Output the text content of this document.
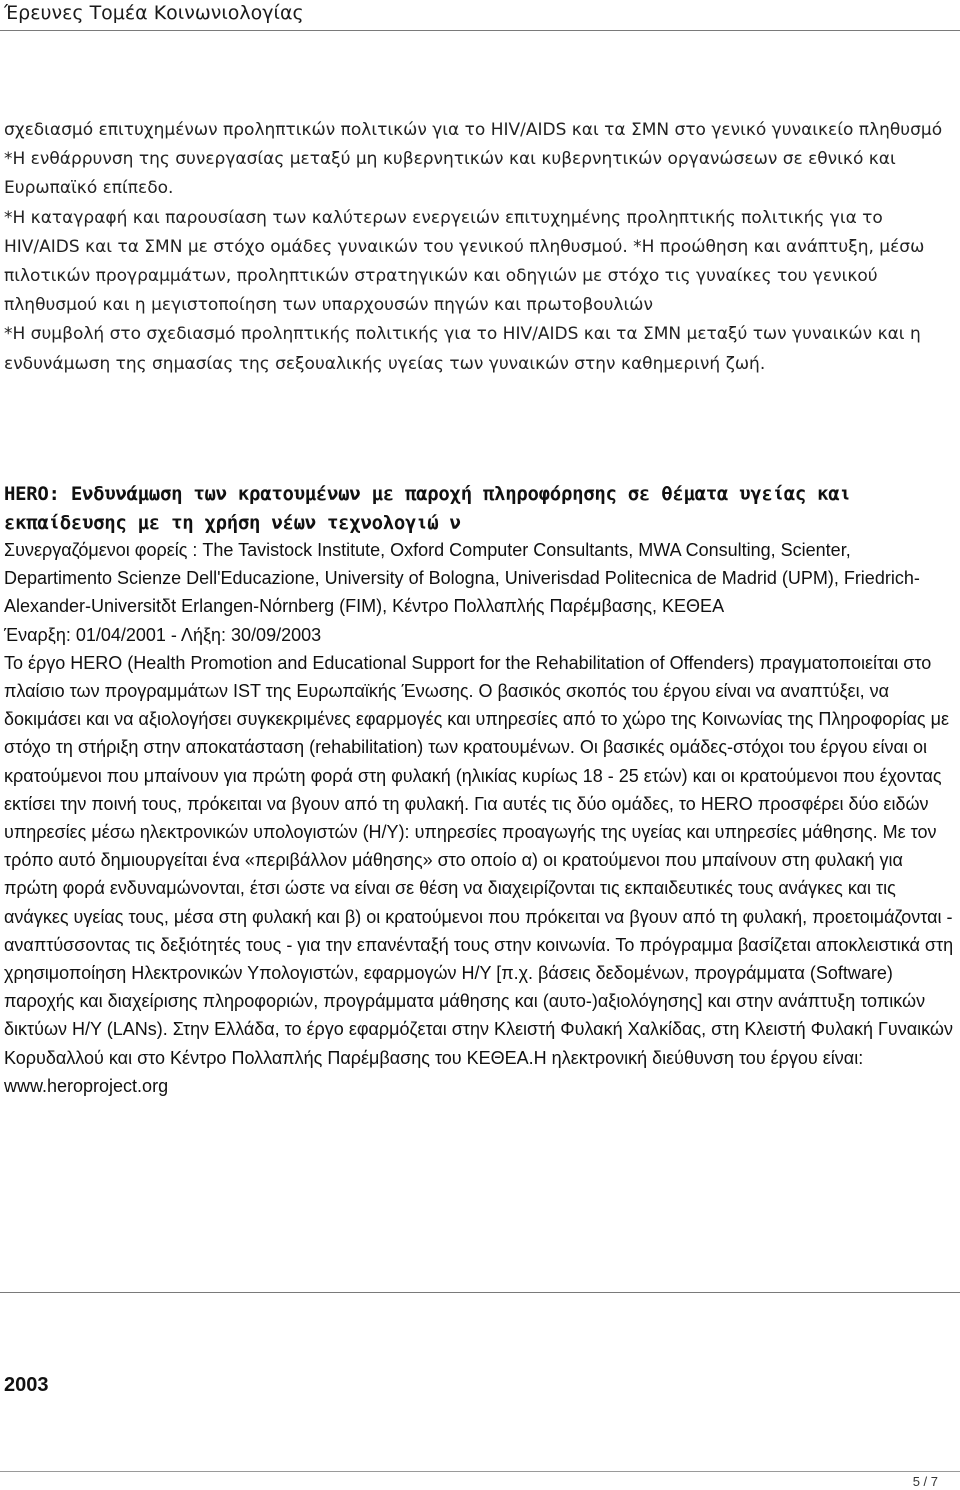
Έρευνες Τομέα Κοινωνιολογίας

σχεδιασμό επιτυχημένων προληπτικών πολιτικών για το HIV/AIDS και τα ΣΜΝ στο γενικό γυναικείο πληθυσμό

*Η ενθάρρυνση της συνεργασίας μεταξύ μη κυβερνητικών και κυβερνητικών οργανώσεων σε εθνικό και Ευρωπαϊκό επίπεδο.

*Η καταγραφή και παρουσίαση των καλύτερων ενεργειών επιτυχημένης προληπτικής πολιτικής για το HIV/AIDS και τα ΣΜΝ με στόχο ομάδες γυναικών του γενικού πληθυσμού. *Η προώθηση και ανάπτυξη, μέσω πιλοτικών προγραμμάτων, προληπτικών στρατηγικών και οδηγιών με στόχο τις γυναίκες του γενικού πληθυσμού και η μεγιστοποίηση των υπαρχουσών πηγών και πρωτοβουλιών

*Η συμβολή στο σχεδιασμό προληπτικής πολιτικής για το HIV/AIDS και τα ΣΜΝ μεταξύ των γυναικών και η ενδυνάμωση της σημασίας της σεξουαλικής υγείας των γυναικών στην καθημερινή ζωή.

HERO: Ενδυνάμωση των κρατουμένων με παροχή πληροφόρησης σε θέματα υγείας και εκπαίδευσης με τη χρήση νέων τεχνολογιώ ν

Συνεργαζόμενοι φορείς : The Tavistock Institute, Oxford Computer Consultants, MWA Consulting, Scienter, Departimento Scienze Dell'Educazione, University of Bologna, Univerisdad Politecnica de Madrid (UPM), Friedrich-Alexander-Universitδt Erlangen-Nόrnberg (FIM), Κέντρο Πολλαπλής Παρέμβασης, ΚΕΘΕΑ

Έναρξη: 01/04/2001 - Λήξη: 30/09/2003

Το έργο HERO (Health Promotion and Educational Support for the Rehabilitation of Offenders) πραγματοποιείται στο πλαίσιο των προγραμμάτων IST της Ευρωπαϊκής Ένωσης. Ο βασικός σκοπός του έργου είναι να αναπτύξει, να δοκιμάσει και να αξιολογήσει συγκεκριμένες εφαρμογές και υπηρεσίες από το χώρο της Κοινωνίας της Πληροφορίας με στόχο τη στήριξη στην αποκατάσταση (rehabilitation) των κρατουμένων. Οι βασικές ομάδες-στόχοι του έργου είναι οι κρατούμενοι που μπαίνουν για πρώτη φορά στη φυλακή (ηλικίας κυρίως 18 - 25 ετών) και οι κρατούμενοι που έχοντας εκτίσει την ποινή τους, πρόκειται να βγουν από τη φυλακή. Για αυτές τις δύο ομάδες, το HERO προσφέρει δύο ειδών υπηρεσίες μέσω ηλεκτρονικών υπολογιστών (Η/Υ): υπηρεσίες προαγωγής της υγείας και υπηρεσίες μάθησης. Με τον τρόπο αυτό δημιουργείται ένα «περιβάλλον μάθησης» στο οποίο α) οι κρατούμενοι που μπαίνουν στη φυλακή για πρώτη φορά ενδυναμώνονται, έτσι ώστε να είναι σε θέση να διαχειρίζονται τις εκπαιδευτικές τους ανάγκες και τις ανάγκες υγείας τους, μέσα στη φυλακή και β) οι κρατούμενοι που πρόκειται να βγουν από τη φυλακή, προετοιμάζονται - αναπτύσσοντας τις δεξιότητές τους - για την επανένταξή τους στην κοινωνία. Το πρόγραμμα βασίζεται αποκλειστικά στη χρησιμοποίηση Ηλεκτρονικών Υπολογιστών, εφαρμογών Η/Υ [π.χ. βάσεις δεδομένων, προγράμματα (Software) παροχής και διαχείρισης πληροφοριών, προγράμματα μάθησης και (αυτο-)αξιολόγησης] και στην ανάπτυξη τοπικών δικτύων Η/Υ (LANs). Στην Ελλάδα, το έργο εφαρμόζεται στην Κλειστή Φυλακή Χαλκίδας, στη Κλειστή Φυλακή Γυναικών Κορυδαλλού και στο Κέντρο Πολλαπλής Παρέμβασης του ΚΕΘΕΑ.Η ηλεκτρονική διεύθυνση του έργου είναι: www.heroproject.org

2003
5 / 7
